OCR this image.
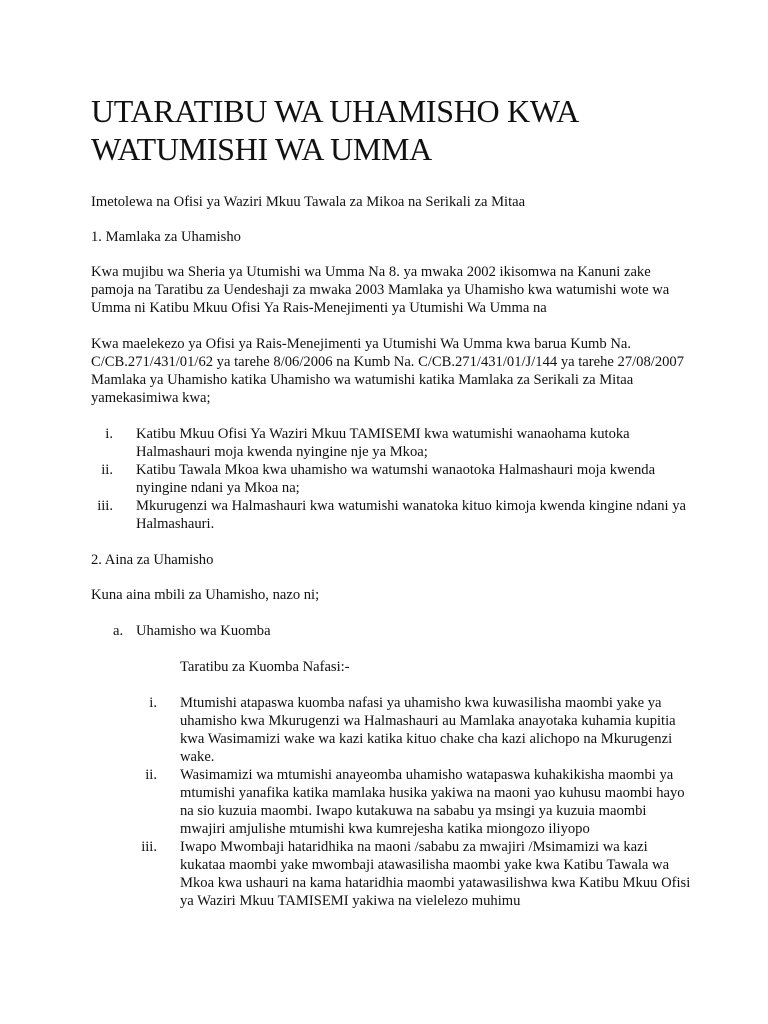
UTARATIBU WA UHAMISHO KWA WATUMISHI WA UMMA

Imetolewa na Ofisi ya Waziri Mkuu Tawala za Mikoa na Serikali za Mitaa

1. Mamlaka za Uhamisho

Kwa mujibu wa Sheria ya Utumishi wa Umma Na 8. ya mwaka 2002 ikisomwa na Kanuni zake pamoja na Taratibu za Uendeshaji za mwaka 2003 Mamlaka ya Uhamisho kwa watumishi wote wa Umma ni Katibu Mkuu Ofisi Ya Rais-Menejimenti ya Utumishi Wa Umma na

Kwa maelekezo ya Ofisi ya Rais-Menejimenti ya Utumishi Wa Umma kwa barua Kumb Na. C/CB.271/431/01/62 ya tarehe 8/06/2006 na Kumb Na. C/CB.271/431/01/J/144 ya tarehe 27/08/2007 Mamlaka ya Uhamisho katika Uhamisho wa watumishi katika Mamlaka za Serikali za Mitaa yamekasimiwa kwa;

i. Katibu Mkuu Ofisi Ya Waziri Mkuu TAMISEMI kwa watumishi wanaohama kutoka Halmashauri moja kwenda nyingine nje ya Mkoa;
ii. Katibu Tawala Mkoa kwa uhamisho wa watumshi wanaotoka Halmashauri moja kwenda nyingine ndani ya Mkoa na;
iii. Mkurugenzi wa Halmashauri kwa watumishi wanatoka kituo kimoja kwenda kingine ndani ya Halmashauri.

2. Aina za Uhamisho

Kuna aina mbili za Uhamisho, nazo ni;

a. Uhamisho wa Kuomba

Taratibu za Kuomba Nafasi:-

i. Mtumishi atapaswa kuomba nafasi ya uhamisho kwa kuwasilisha maombi yake ya uhamisho kwa Mkurugenzi wa Halmashauri au Mamlaka anayotaka kuhamia kupitia kwa Wasimamizi wake wa kazi katika kituo chake cha kazi alichopo na Mkurugenzi wake.
ii. Wasimamizi wa mtumishi anayeomba uhamisho watapaswa kuhakikisha maombi ya mtumishi yanafika katika mamlaka husika yakiwa na maoni yao kuhusu maombi hayo na sio kuzuia maombi. Iwapo kutakuwa na sababu ya msingi ya kuzuia maombi mwajiri amjulishe mtumishi kwa kumrejesha katika miongozo iliyopo
iii. Iwapo Mwombaji hataridhika na maoni /sababu za mwajiri /Msimamizi wa kazi kukataa maombi yake mwombaji atawasilisha maombi yake kwa Katibu Tawala wa Mkoa kwa ushauri na kama hataridhia maombi yatawasilishwa kwa Katibu Mkuu Ofisi ya Waziri Mkuu TAMISEMI yakiwa na vielelezo muhimu
